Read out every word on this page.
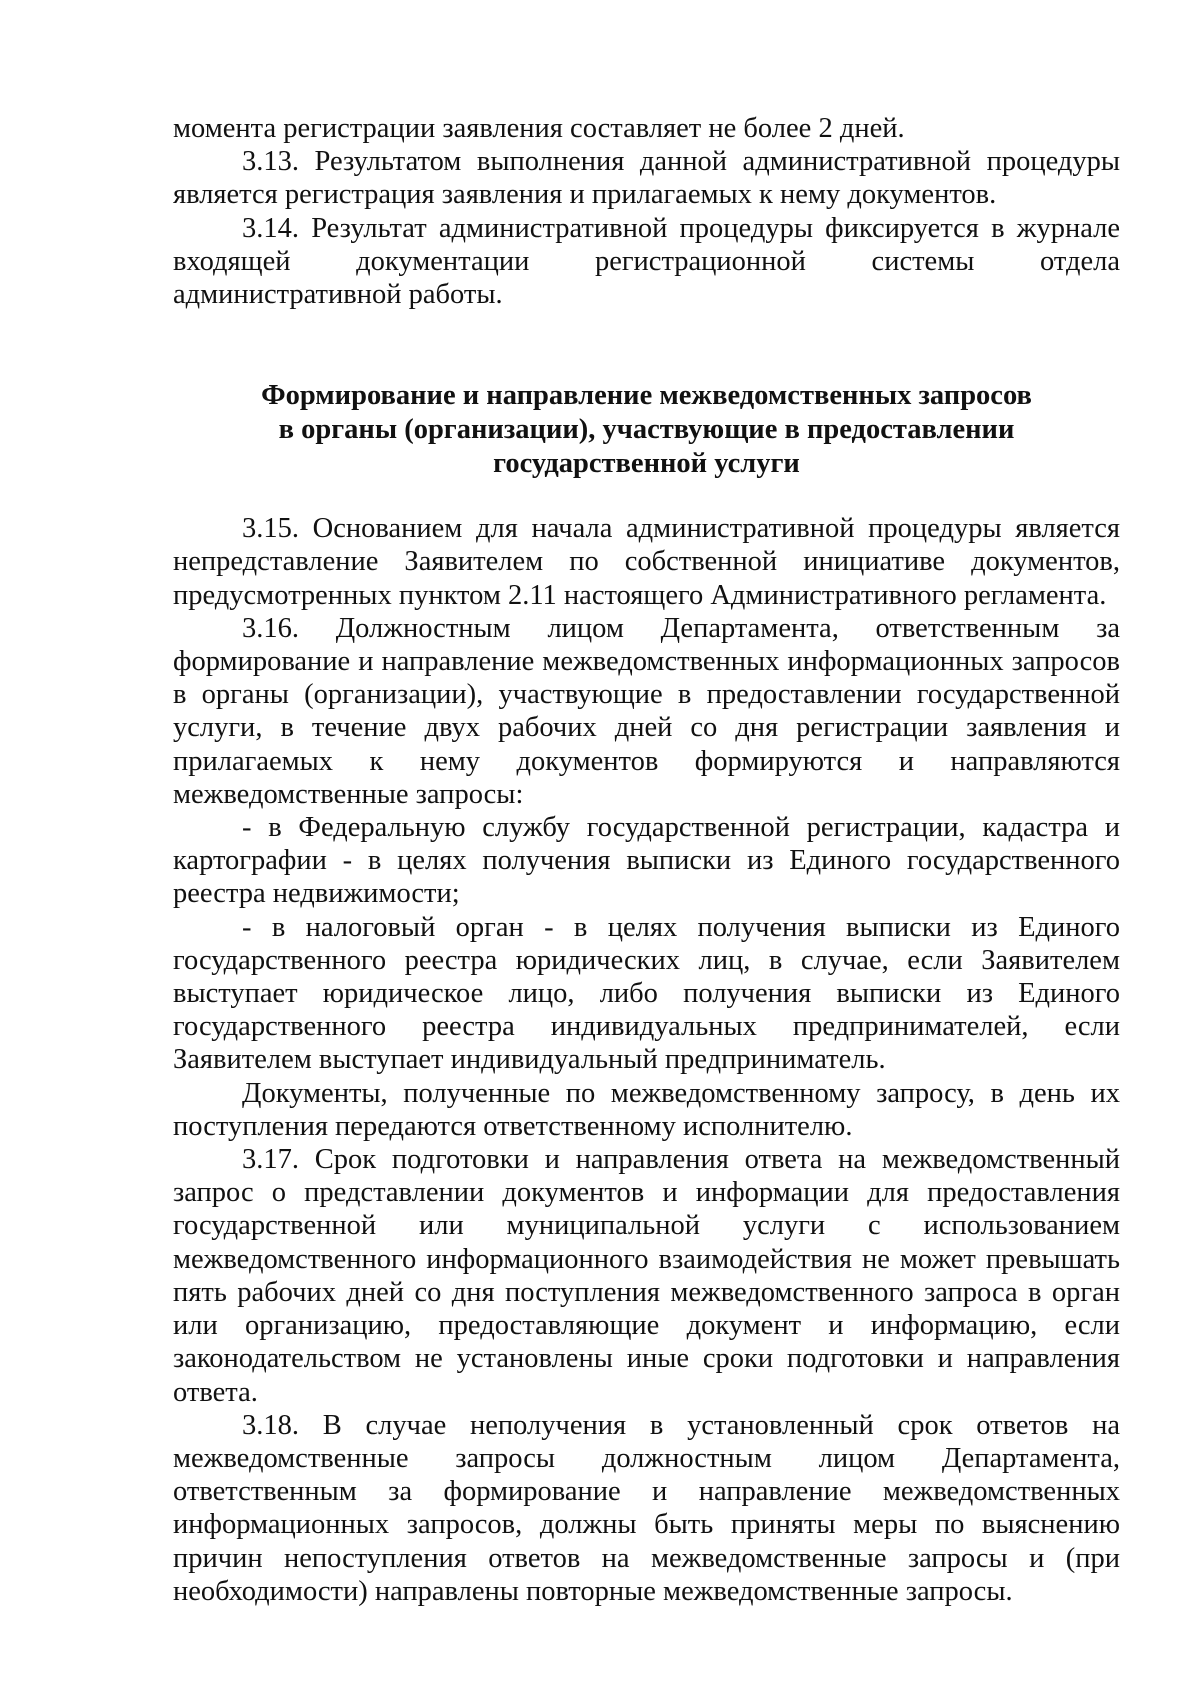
момента регистрации заявления составляет не более 2 дней.

3.13. Результатом выполнения данной административной процедуры является регистрация заявления и прилагаемых к нему документов.

3.14. Результат административной процедуры фиксируется в журнале входящей документации регистрационной системы отдела административной работы.

Формирование и направление межведомственных запросов
в органы (организации), участвующие в предоставлении
государственной услуги

3.15. Основанием для начала административной процедуры является непредставление Заявителем по собственной инициативе документов, предусмотренных пунктом 2.11 настоящего Административного регламента.

3.16. Должностным лицом Департамента, ответственным за формирование и направление межведомственных информационных запросов в органы (организации), участвующие в предоставлении государственной услуги, в течение двух рабочих дней со дня регистрации заявления и прилагаемых к нему документов формируются и направляются межведомственные запросы:

- в Федеральную службу государственной регистрации, кадастра и картографии - в целях получения выписки из Единого государственного реестра недвижимости;

- в налоговый орган - в целях получения выписки из Единого государственного реестра юридических лиц, в случае, если Заявителем выступает юридическое лицо, либо получения выписки из Единого государственного реестра индивидуальных предпринимателей, если Заявителем выступает индивидуальный предприниматель.

Документы, полученные по межведомственному запросу, в день их поступления передаются ответственному исполнителю.

3.17. Срок подготовки и направления ответа на межведомственный запрос о представлении документов и информации для предоставления государственной или муниципальной услуги с использованием межведомственного информационного взаимодействия не может превышать пять рабочих дней со дня поступления межведомственного запроса в орган или организацию, предоставляющие документ и информацию, если законодательством не установлены иные сроки подготовки и направления ответа.

3.18. В случае неполучения в установленный срок ответов на межведомственные запросы должностным лицом Департамента, ответственным за формирование и направление межведомственных информационных запросов, должны быть приняты меры по выяснению причин непоступления ответов на межведомственные запросы и (при необходимости) направлены повторные межведомственные запросы.
